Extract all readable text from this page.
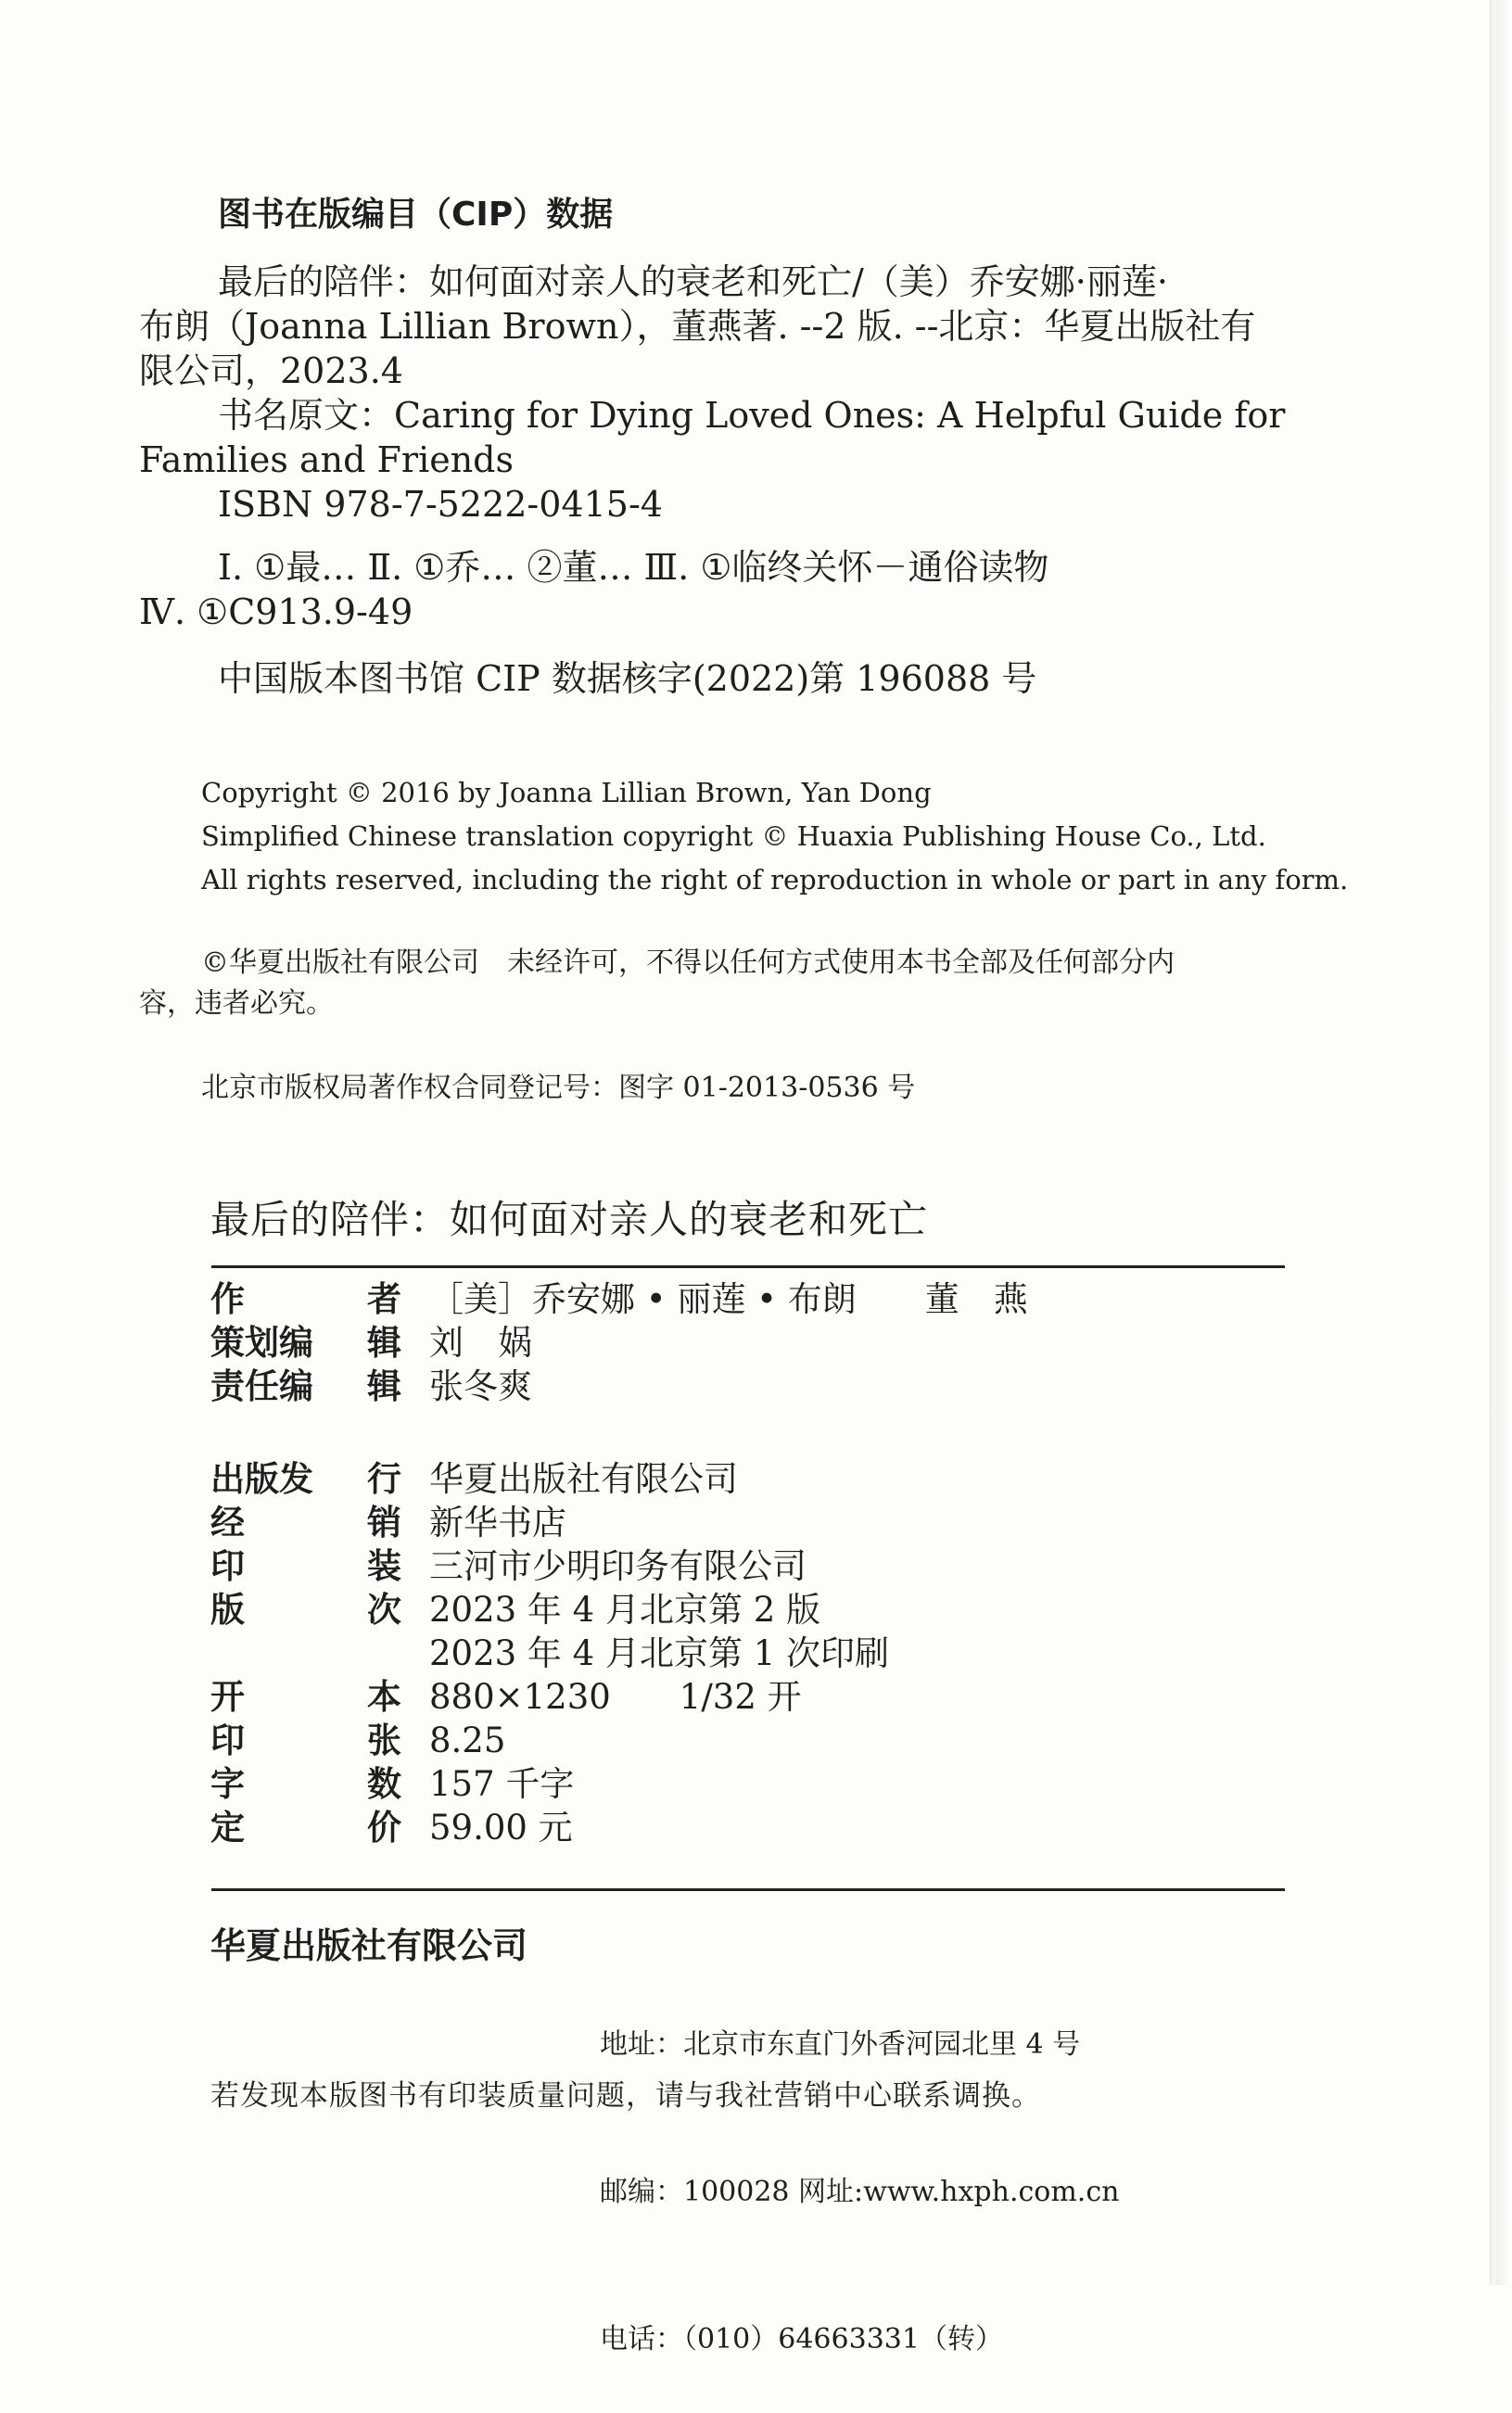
图书在版编目（CIP）数据

最后的陪伴：如何面对亲人的衰老和死亡/（美）乔安娜·丽莲·

布朗（Joanna Lillian Brown），董燕著. --2 版. --北京：华夏出版社有

限公司，2023.4

书名原文：Caring for Dying Loved Ones: A Helpful Guide for

Families and Friends

ISBN 978-7-5222-0415-4

Ⅰ. ①最… Ⅱ. ①乔… ②董… Ⅲ. ①临终关怀－通俗读物

Ⅳ. ①C913.9-49

中国版本图书馆 CIP 数据核字(2022)第 196088 号

Copyright © 2016 by Joanna Lillian Brown, Yan Dong

Simplified Chinese translation copyright © Huaxia Publishing House Co., Ltd.

All rights reserved, including the right of reproduction in whole or part in any form.

©华夏出版社有限公司　未经许可，不得以任何方式使用本书全部及任何部分内

容，违者必究。

北京市版权局著作权合同登记号：图字 01-2013-0536 号
最后的陪伴：如何面对亲人的衰老和死亡
作	者 ［美］乔安娜 • 丽莲 • 布朗　　董　燕
策划编 辑 刘　娲
责任编 辑 张冬爽
出版发 行 华夏出版社有限公司
经	销 新华书店
印	装 三河市少明印务有限公司
版	次 2023 年 4 月北京第 2 版
2023 年 4 月北京第 1 次印刷
开	本 880×1230　　1/32 开
印	张 8.25
字	数 157 千字
定	价 59.00 元
华夏出版社有限公司

地址：北京市东直门外香河园北里 4 号

邮编：100028 网址:www.hxph.com.cn

电话：（010）64663331（转）

若发现本版图书有印装质量问题，请与我社营销中心联系调换。
